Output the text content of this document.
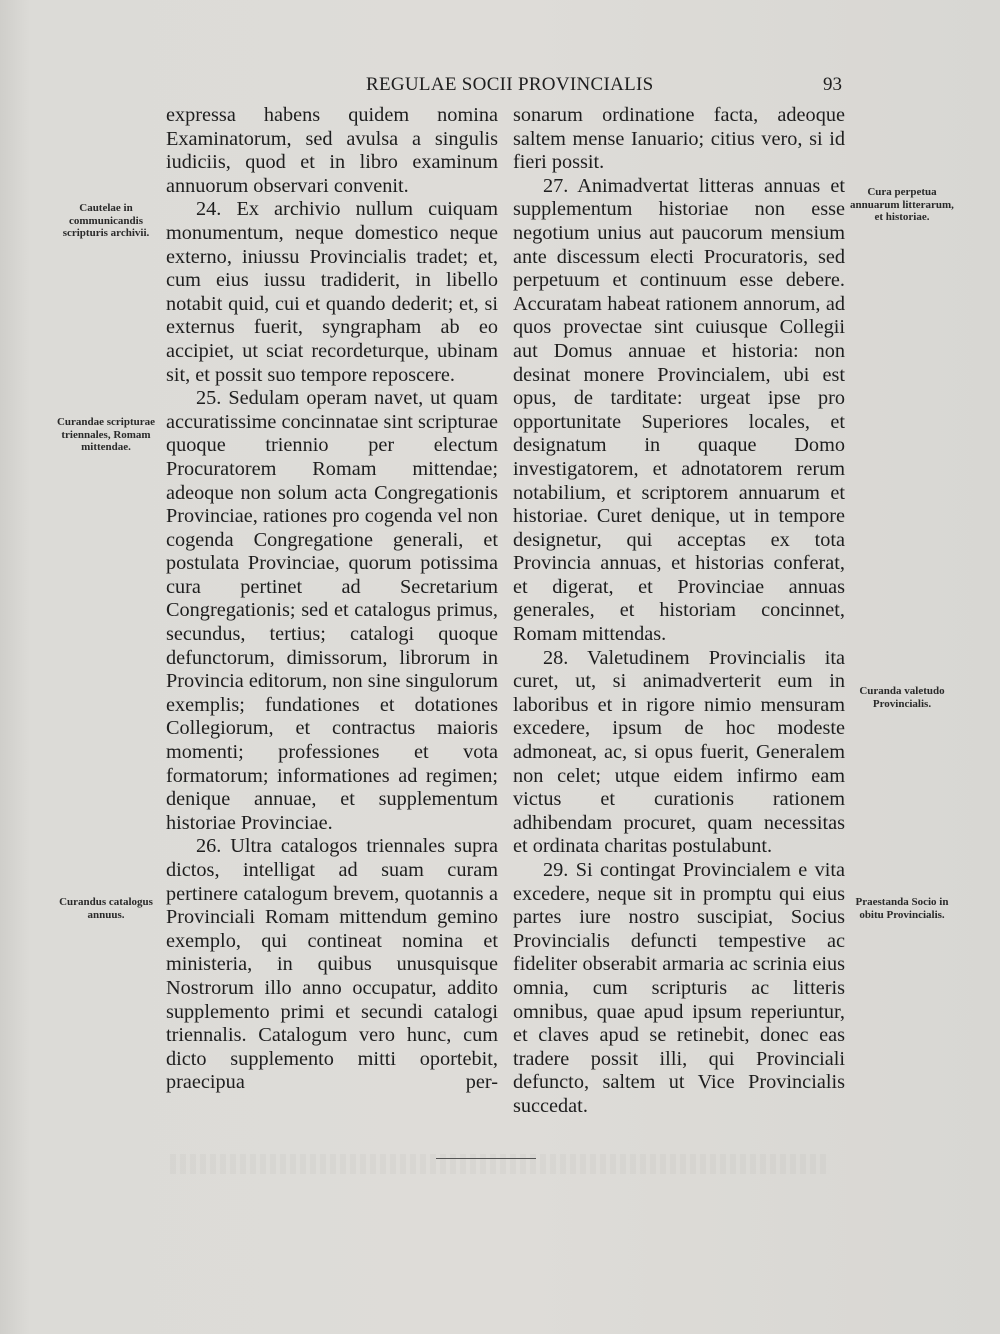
REGULAE SOCII PROVINCIALIS	93
Cautelae in communicandis scripturis archivii.
Curandae scripturae triennales, Romam mittendae.
Curandus catalogus annuus.
Cura perpetua annuarum litterarum, et historiae.
Curanda valetudo Provincialis.
Praestanda Socio in obitu Provincialis.

expressa habens quidem nomina Examinatorum, sed avulsa a singulis iudiciis, quod et in libro examinum annuorum observari convenit.

24. Ex archivio nullum cuiquam monumentum, neque domestico neque externo, iniussu Provincialis tradet; et, cum eius iussu tradiderit, in libello notabit quid, cui et quando dederit; et, si externus fuerit, syngrapham ab eo accipiet, ut sciat recordeturque, ubinam sit, et possit suo tempore reposcere.

25. Sedulam operam navet, ut quam accuratissime concinnatae sint scripturae quoque triennio per electum Procuratorem Romam mittendae; adeoque non solum acta Congregationis Provinciae, rationes pro cogenda vel non cogenda Congregatione generali, et postulata Provinciae, quorum potissima cura pertinet ad Secretarium Congregationis; sed et catalogus primus, secundus, tertius; catalogi quoque defunctorum, dimissorum, librorum in Provincia editorum, non sine singulorum exemplis; fundationes et dotationes Collegiorum, et contractus maioris momenti; professiones et vota formatorum; informationes ad regimen; denique annuae, et supplementum historiae Provinciae.

26. Ultra catalogos triennales supra dictos, intelligat ad suam curam pertinere catalogum brevem, quotannis a Provinciali Romam mittendum gemino exemplo, qui contineat nomina et ministeria, in quibus unusquisque Nostrorum illo anno occupatur, addito supplemento primi et secundi catalogi triennalis. Catalogum vero hunc, cum dicto supplemento mitti oportebit, praecipua per-

sonarum ordinatione facta, adeoque saltem mense Ianuario; citius vero, si id fieri possit.

27. Animadvertat litteras annuas et supplementum historiae non esse negotium unius aut paucorum mensium ante discessum electi Procuratoris, sed perpetuum et continuum esse debere. Accuratam habeat rationem annorum, ad quos provectae sint cuiusque Collegii aut Domus annuae et historia: non desinat monere Provincialem, ubi est opus, de tarditate: urgeat ipse pro opportunitate Superiores locales, et designatum in quaque Domo investigatorem, et adnotatorem rerum notabilium, et scriptorem annuarum et historiae. Curet denique, ut in tempore designetur, qui acceptas ex tota Provincia annuas, et historias conferat, et digerat, et Provinciae annuas generales, et historiam concinnet, Romam mittendas.

28. Valetudinem Provincialis ita curet, ut, si animadverterit eum in laboribus et in rigore nimio mensuram excedere, ipsum de hoc modeste admoneat, ac, si opus fuerit, Generalem non celet; utque eidem infirmo eam victus et curationis rationem adhibendam procuret, quam necessitas et ordinata charitas postulabunt.

29. Si contingat Provincialem e vita excedere, neque sit in promptu qui eius partes iure nostro suscipiat, Socius Provincialis defuncti tempestive ac fideliter obserabit armaria ac scrinia eius omnia, cum scripturis ac litteris omnibus, quae apud ipsum reperiuntur, et claves apud se retinebit, donec eas tradere possit illi, qui Provinciali defuncto, saltem ut Vice Provincialis succedat.
